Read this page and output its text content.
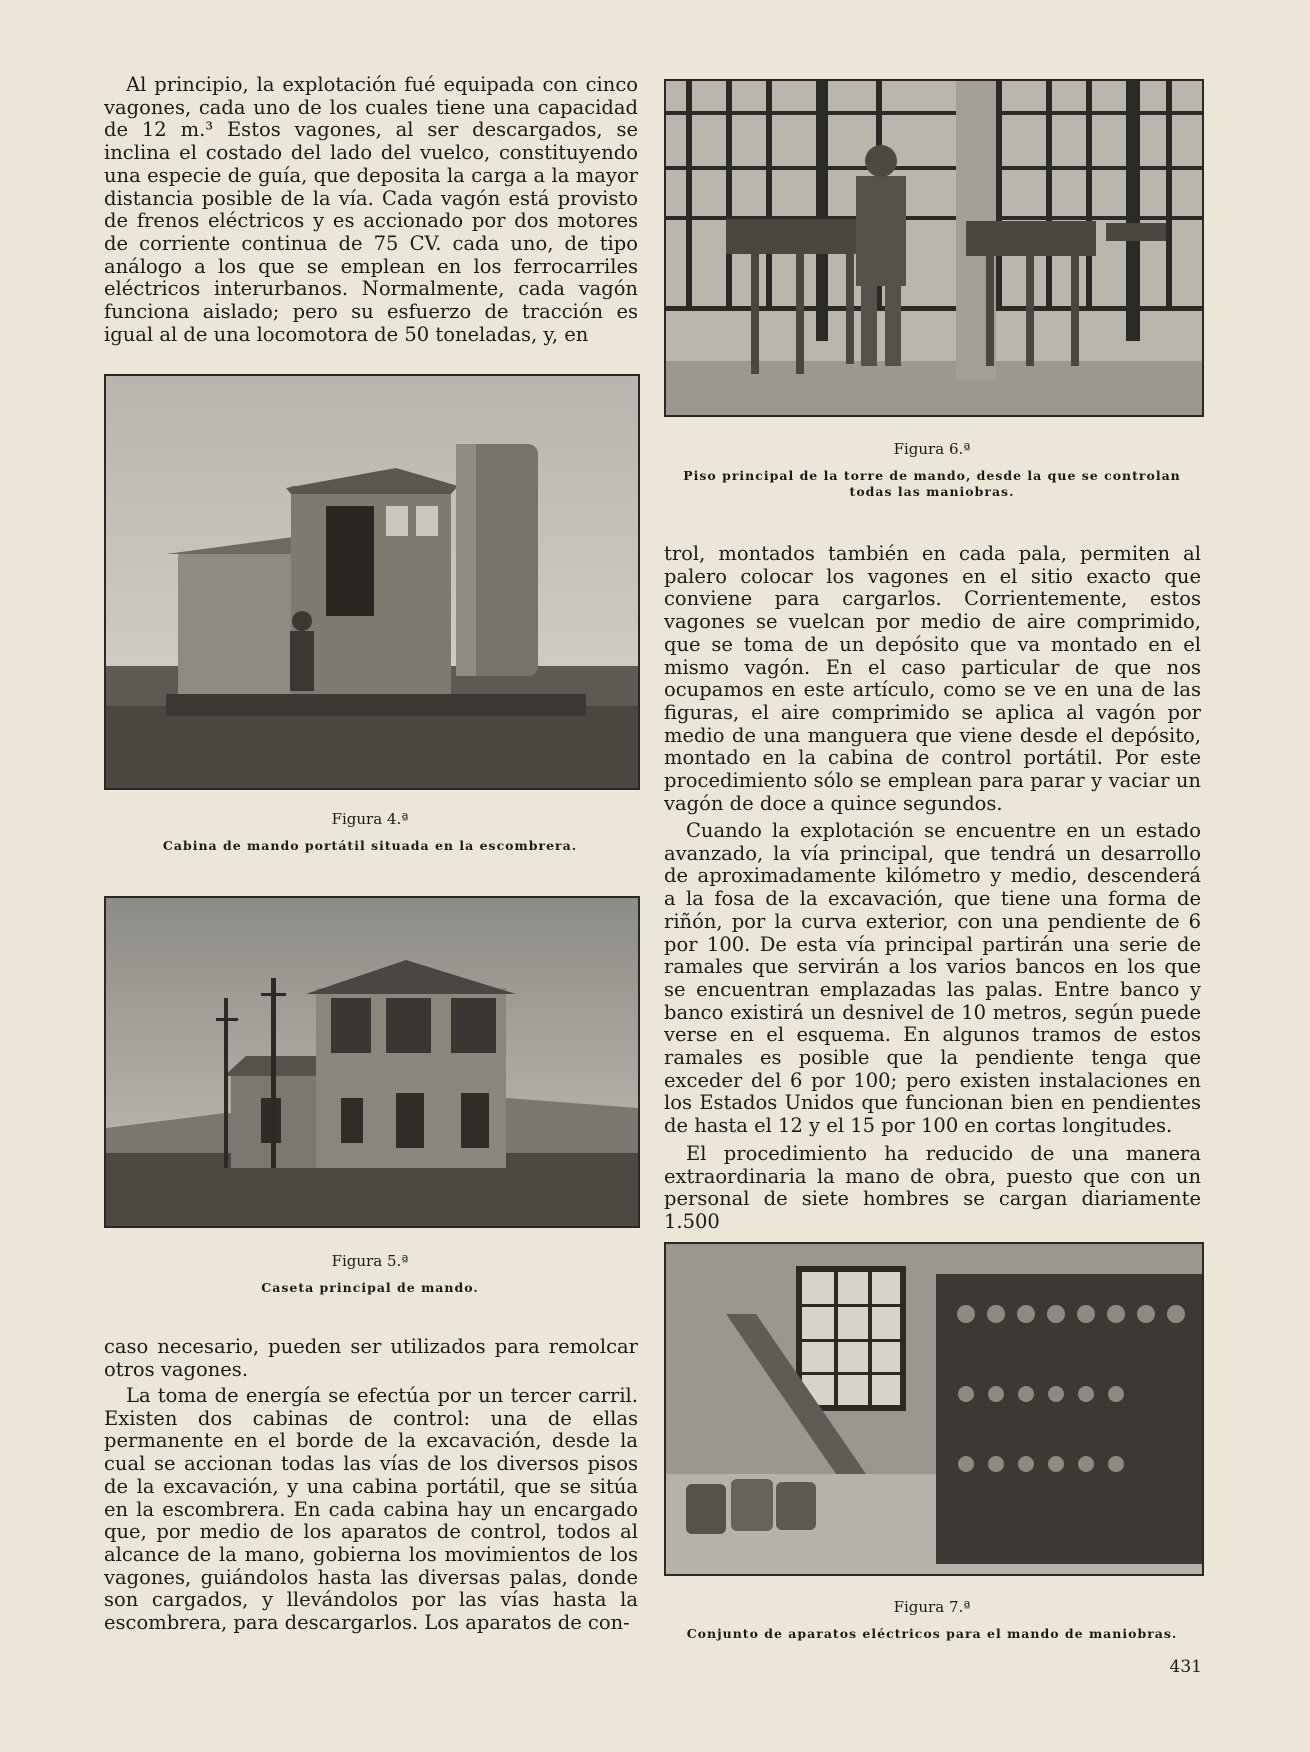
Al principio, la explotación fué equipada con cinco vagones, cada uno de los cuales tiene una capacidad de 12 m.³ Estos vagones, al ser descargados, se inclina el costado del lado del vuelco, constituyendo una especie de guía, que deposita la carga a la mayor distancia posible de la vía. Cada vagón está provisto de frenos eléctricos y es accionado por dos motores de corriente continua de 75 CV. cada uno, de tipo análogo a los que se emplean en los ferrocarriles eléctricos interurbanos. Normalmente, cada vagón funciona aislado; pero su esfuerzo de tracción es igual al de una locomotora de 50 toneladas, y, en

Figura 4.ª

Cabina de mando portátil situada en la escombrera.

Figura 5.ª

Caseta principal de mando.

caso necesario, pueden ser utilizados para remolcar otros vagones.

La toma de energía se efectúa por un tercer carril. Existen dos cabinas de control: una de ellas permanente en el borde de la excavación, desde la cual se accionan todas las vías de los diversos pisos de la excavación, y una cabina portátil, que se sitúa en la escombrera. En cada cabina hay un encargado que, por medio de los aparatos de control, todos al alcance de la mano, gobierna los movimientos de los vagones, guiándolos hasta las diversas palas, donde son cargados, y llevándolos por las vías hasta la escombrera, para descargarlos. Los aparatos de con-

Figura 6.ª

Piso principal de la torre de mando, desde la que se controlan todas las maniobras.

trol, montados también en cada pala, permiten al palero colocar los vagones en el sitio exacto que conviene para cargarlos. Corrientemente, estos vagones se vuelcan por medio de aire comprimido, que se toma de un depósito que va montado en el mismo vagón. En el caso particular de que nos ocupamos en este artículo, como se ve en una de las figuras, el aire comprimido se aplica al vagón por medio de una manguera que viene desde el depósito, montado en la cabina de control portátil. Por este procedimiento sólo se emplean para parar y vaciar un vagón de doce a quince segundos.

Cuando la explotación se encuentre en un estado avanzado, la vía principal, que tendrá un desarrollo de aproximadamente kilómetro y medio, descenderá a la fosa de la excavación, que tiene una forma de riñón, por la curva exterior, con una pendiente de 6 por 100. De esta vía principal partirán una serie de ramales que servirán a los varios bancos en los que se encuentran emplazadas las palas. Entre banco y banco existirá un desnivel de 10 metros, según puede verse en el esquema. En algunos tramos de estos ramales es posible que la pendiente tenga que exceder del 6 por 100; pero existen instalaciones en los Estados Unidos que funcionan bien en pendientes de hasta el 12 y el 15 por 100 en cortas longitudes.

El procedimiento ha reducido de una manera extraordinaria la mano de obra, puesto que con un personal de siete hombres se cargan diariamente 1.500

Figura 7.ª

Conjunto de aparatos eléctricos para el mando de maniobras.

431
